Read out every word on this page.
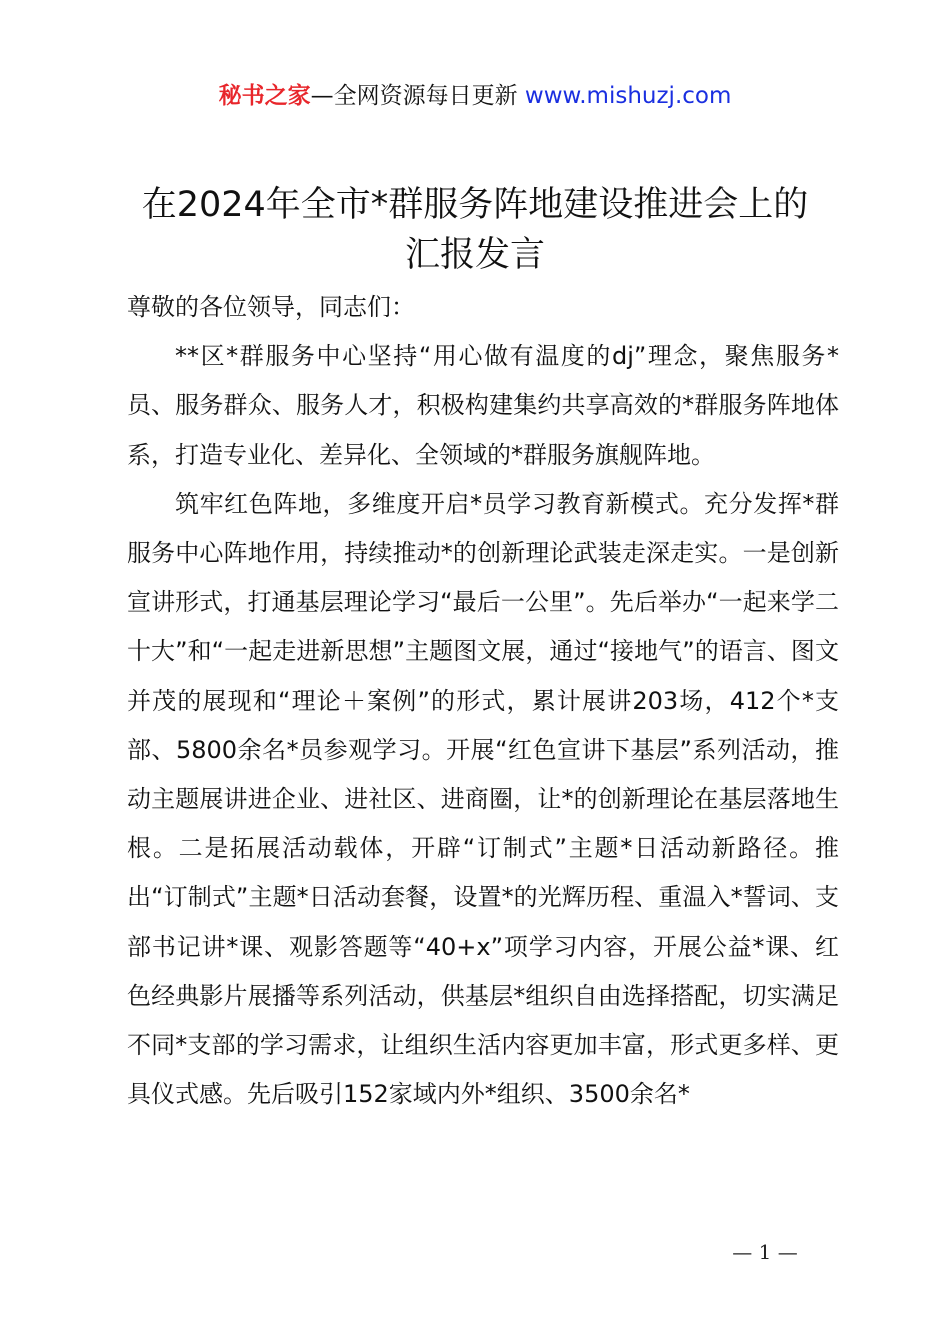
秘书之家—全网资源每日更新 www.mishuzj.com
在2024年全市*群服务阵地建设推进会上的
汇报发言

尊敬的各位领导，同志们：

**区*群服务中心坚持“用心做有温度的dj”理念，聚焦服务*员、服务群众、服务人才，积极构建集约共享高效的*群服务阵地体系，打造专业化、差异化、全领域的*群服务旗舰阵地。

筑牢红色阵地，多维度开启*员学习教育新模式。充分发挥*群服务中心阵地作用，持续推动*的创新理论武装走深走实。一是创新宣讲形式，打通基层理论学习“最后一公里”。先后举办“一起来学二十大”和“一起走进新思想”主题图文展，通过“接地气”的语言、图文并茂的展现和“理论＋案例”的形式，累计展讲203场，412个*支部、5800余名*员参观学习。开展“红色宣讲下基层”系列活动，推动主题展讲进企业、进社区、进商圈，让*的创新理论在基层落地生根。二是拓展活动载体，开辟“订制式”主题*日活动新路径。推出“订制式”主题*日活动套餐，设置*的光辉历程、重温入*誓词、支部书记讲*课、观影答题等“40+x”项学习内容，开展公益*课、红色经典影片展播等系列活动，供基层*组织自由选择搭配，切实满足不同*支部的学习需求，让组织生活内容更加丰富，形式更多样、更具仪式感。先后吸引152家域内外*组织、3500余名*

— 1 —
